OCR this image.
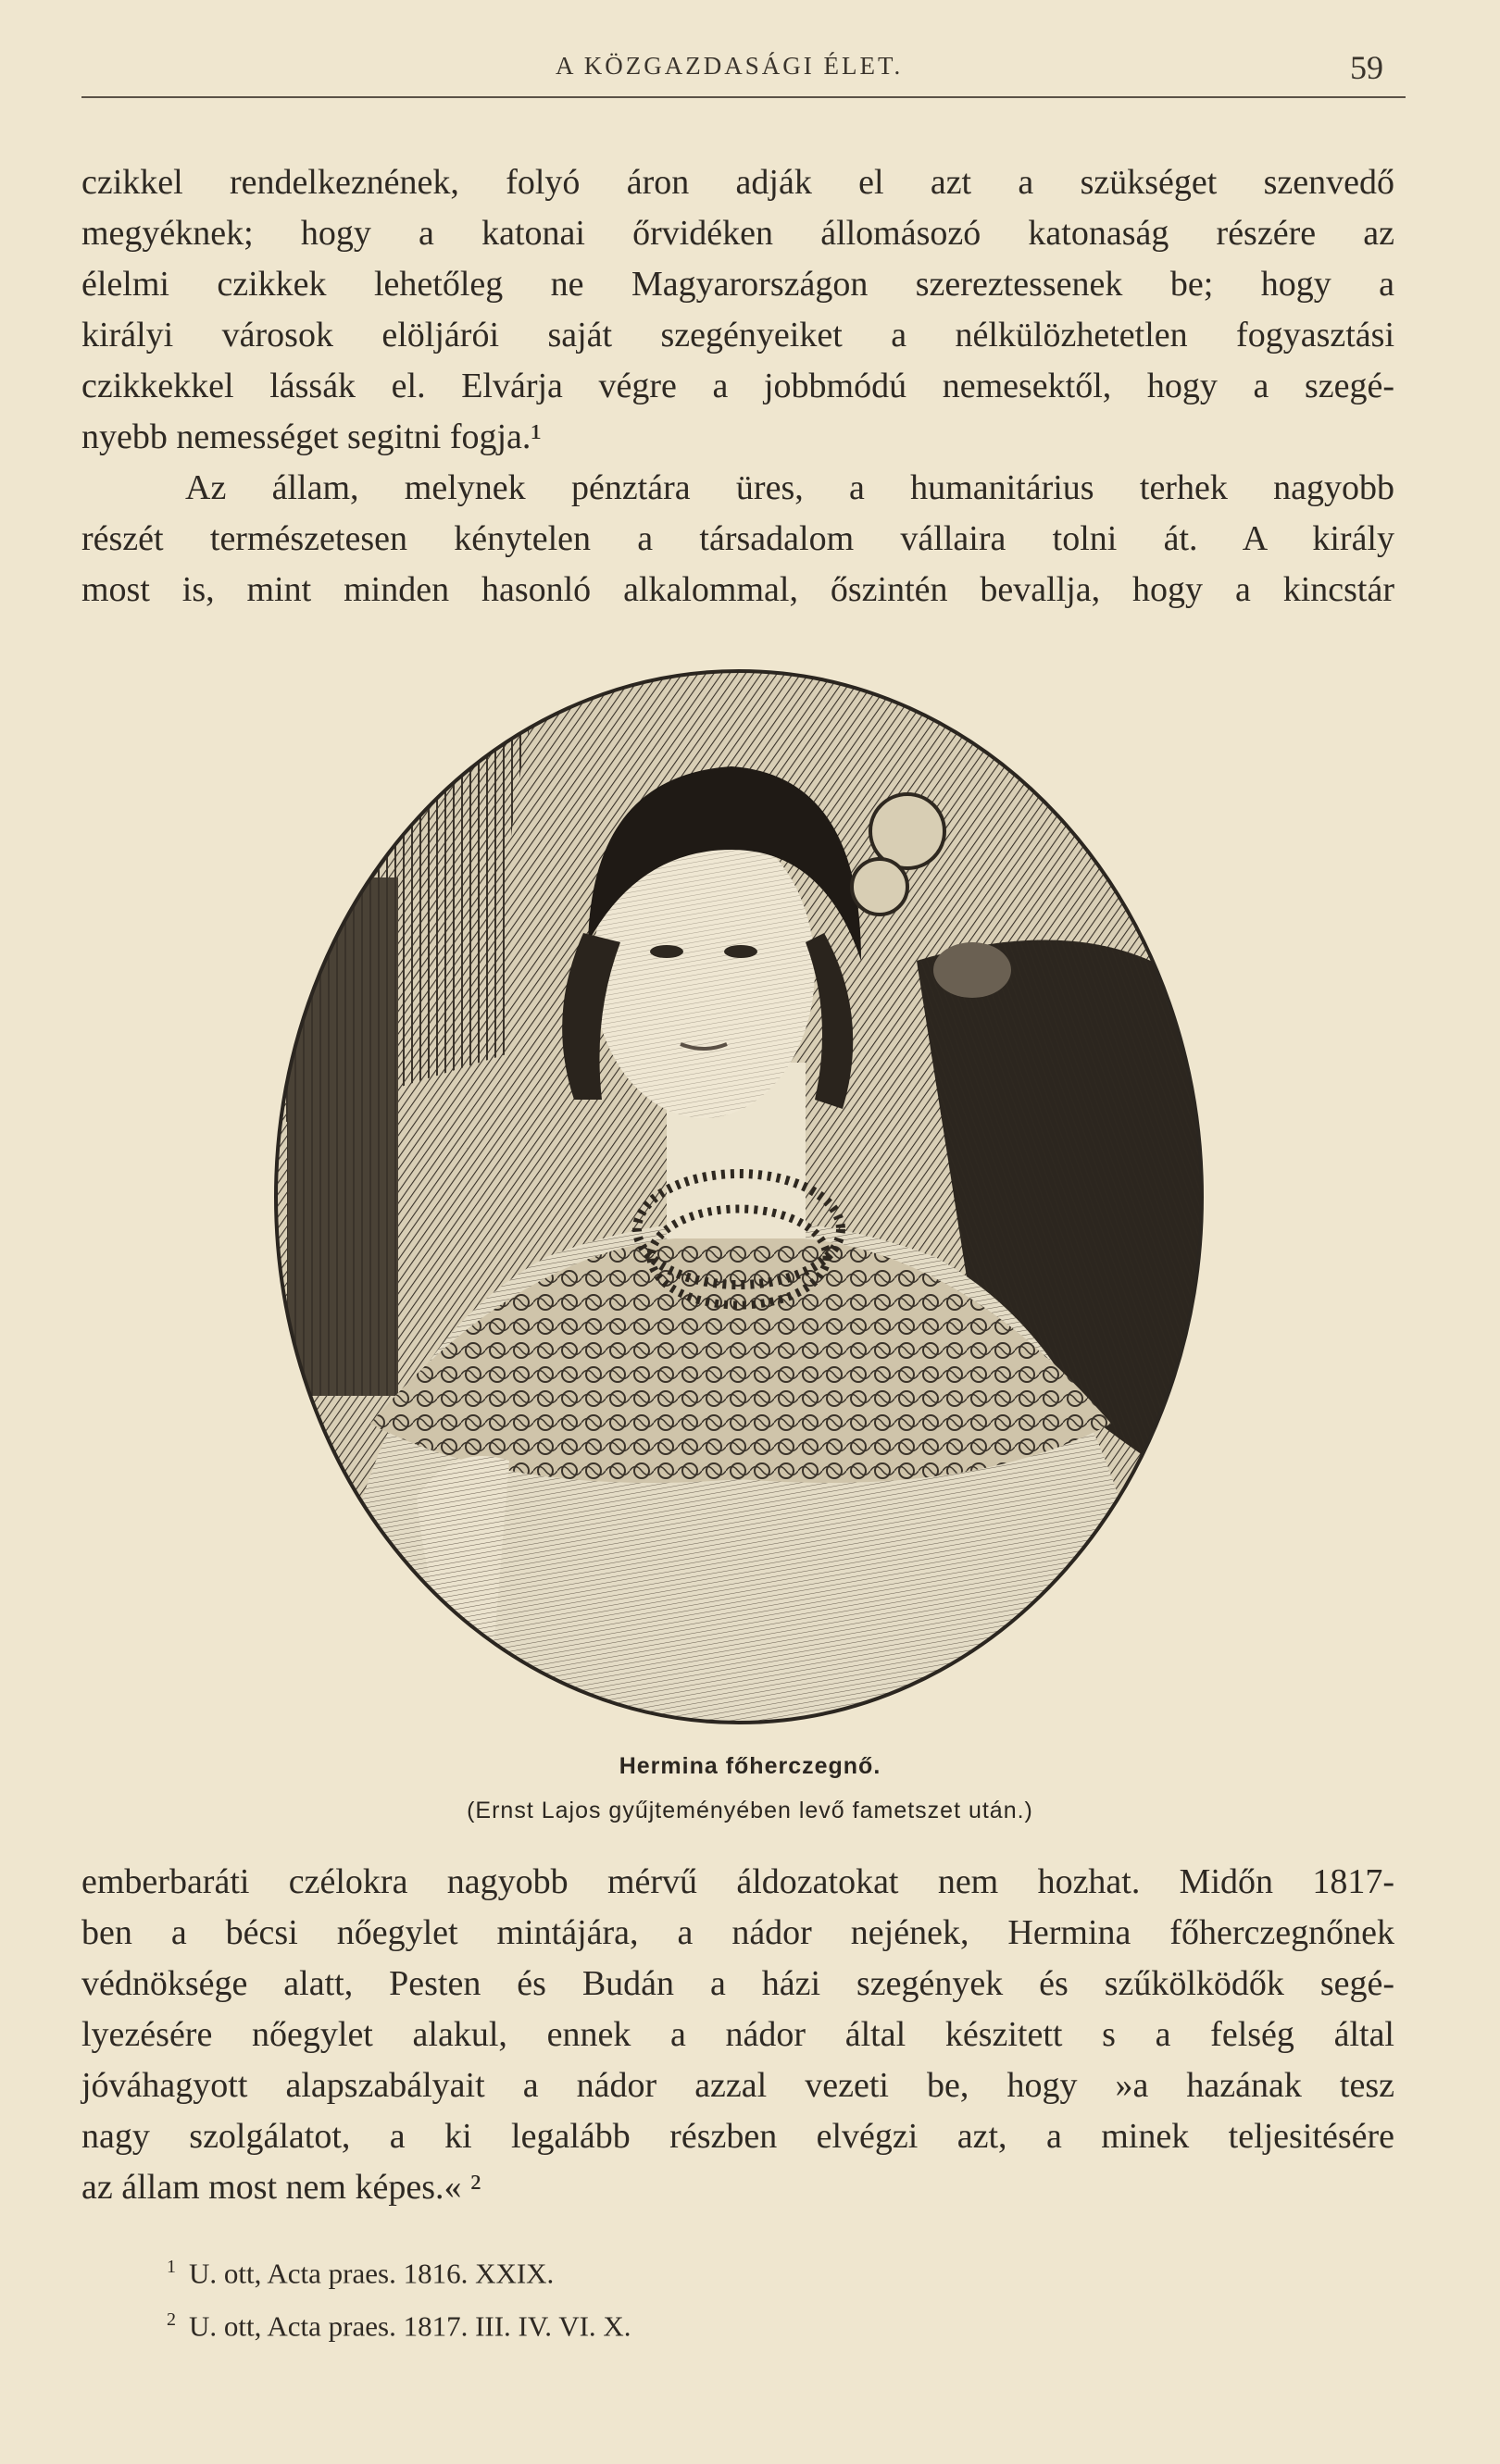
A KÖZGAZDASÁGI ÉLET.	59
czikkel rendelkeznének, folyó áron adják el azt a szükséget szenvedő
megyéknek; hogy a katonai őrvidéken állomásozó katonaság részére az
élelmi czikkek lehetőleg ne Magyarországon szereztessenek be; hogy a
királyi városok elöljárói saját szegényeiket a nélkülözhetetlen fogyasztási
czikkekkel lássák el. Elvárja végre a jobbmódú nemesektől, hogy a szegé-
nyebb nemességet segitni fogja.¹
Az állam, melynek pénztára üres, a humanitárius terhek nagyobb
részét természetesen kénytelen a társadalom vállaira tolni át. A király
most is, mint minden hasonló alkalommal, őszintén bevallja, hogy a kincstár
Hermina főherczegnő.
(Ernst Lajos gyűjteményében levő fametszet után.)
emberbaráti czélokra nagyobb mérvű áldozatokat nem hozhat. Midőn 1817-
ben a bécsi nőegylet mintájára, a nádor nejének, Hermina főherczegnőnek
védnöksége alatt, Pesten és Budán a házi szegények és szűkölködők segé-
lyezésére nőegylet alakul, ennek a nádor által készitett s a felség által
jóváhagyott alapszabályait a nádor azzal vezeti be, hogy »a hazának tesz
nagy szolgálatot, a ki legalább részben elvégzi azt, a minek teljesitésére
az állam most nem képes.« ²
$^1$ U. ott, Acta praes. 1816. XXIX.
$^2$ U. ott, Acta praes. 1817. III. IV. VI. X.
